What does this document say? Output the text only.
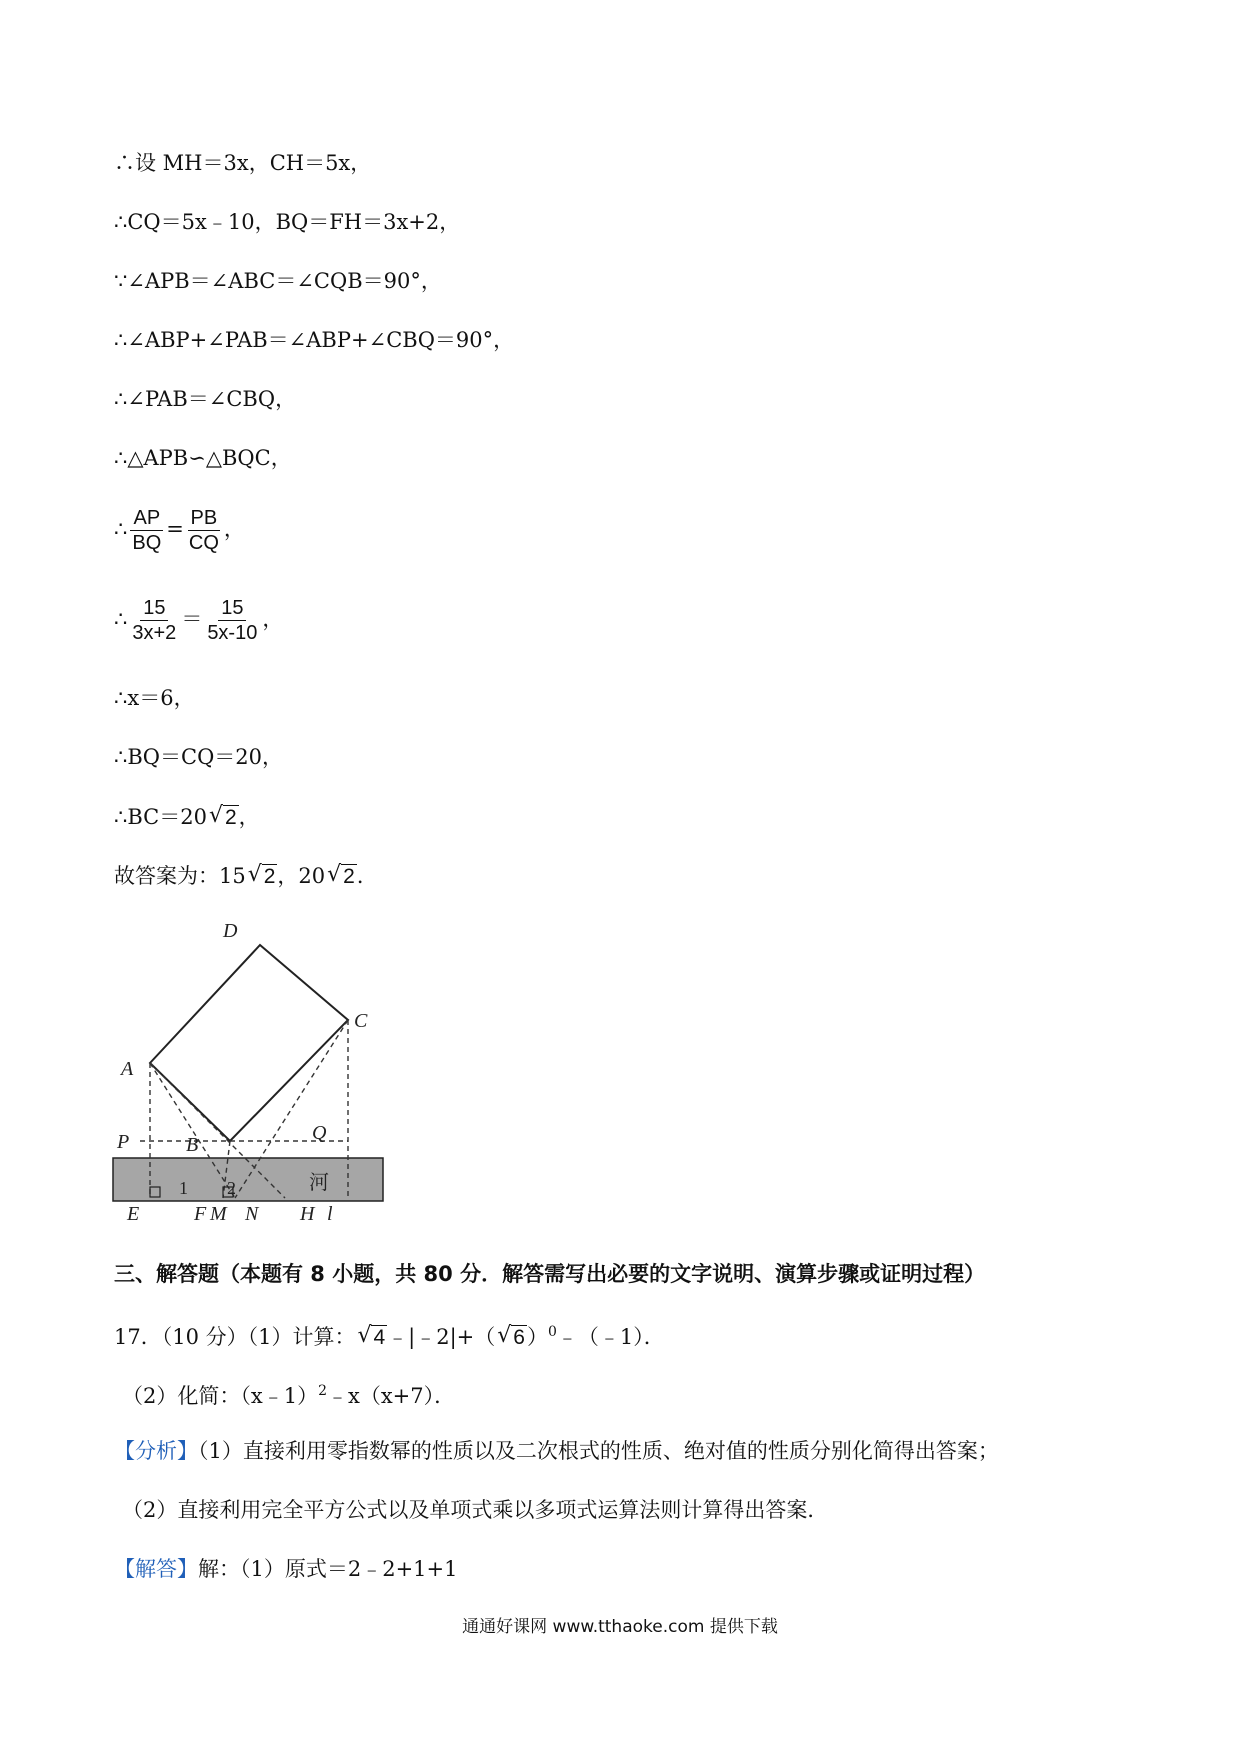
∴设 MH＝3x，CH＝5x，
∴CQ＝5x﹣10，BQ＝FH＝3x+2，
∵∠APB＝∠ABC＝∠CQB＝90°，
∴∠ABP+∠PAB＝∠ABP+∠CBQ＝90°，
∴∠PAB＝∠CBQ，
∴△APB∽△BQC，
∴ $\frac{AP}{BQ} = \frac{PB}{CQ}$ ，
∴ $\frac{15}{3x+2} = \frac{15}{5x-10}$ ，
∴x＝6，
∴BQ＝CQ＝20，
∴BC＝20 √ 2，
故答案为：15 √ 2，20 √ 2．
D
C
A
P	B
Q
1 2	河
E	F M N H l
三、解答题（本题有 8 小题，共 80 分．解答需写出必要的文字说明、演算步骤或证明过程）
17．（10 分）（1）计算： √ 4﹣|﹣2|+（ √ 6）$^0$﹣（﹣1）．
（2）化简：（x﹣1）$^2$﹣x（x+7）．
【分析】（1）直接利用零指数幂的性质以及二次根式的性质、绝对值的性质分别化简得出答案；
（2）直接利用完全平方公式以及单项式乘以多项式运算法则计算得出答案．
【解答】解：（1）原式＝2﹣2+1+1
通通好课网 www.tthaoke.com 提供下载
